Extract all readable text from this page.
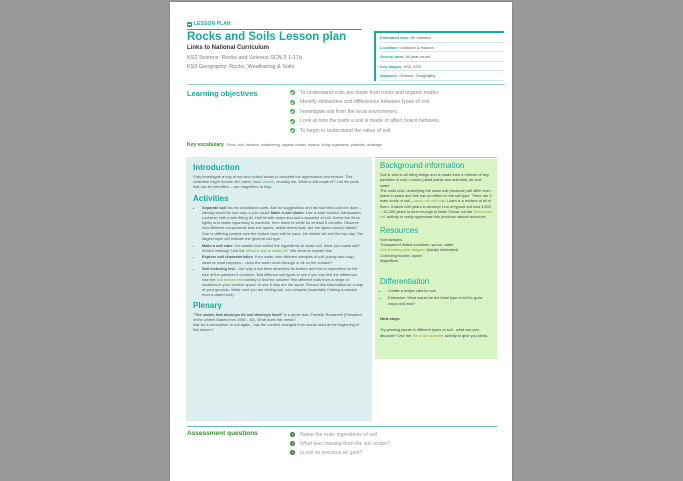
LESSON PLAN
Rocks and Soils Lesson plan
Links to National Curriculum
KS2 Science: Rocks and Science SCN 3 1-17a
KS3 Geography: Rocks, Weathering & Soils
Estimated time: 80 minutes
Location: Outdoors & Indoors
School term: All year round
Key stages: KS2, KS3
Subjects: Science, Geography
Learning objectives	To understand soils are made from rocks and organic matter.
Identify similarities and differences between types of soil.
Investigate soil from the local environment.
Look at how the parts a soil is made of affect how it behaves.
To begin to understand the value of soil.
Key vocabulary Rock, soil, bedrock, weathering, organic matter, humus, living organisms, particles, drainage
Introduction

Fully investigate a tray of soil and collect words to describe the appearance and texture. This collection might include dirt, earth, mud, worms, crumbly etc. What is soil made of? List the parts that can be identified – use magnifiers to help.

Activities
• Separate soil into its constituent parts. Ask for suggestions and list how this could be done – sieving would be one way or you could: Make a soil shake: Use a wide necked, transparent container with a well-fitting lid. Half fill with water and add a spoonful of soil. Screw the lid on tightly and shake vigorously to combine, then leave to settle for at least 5 minutes. Observe how different components sink into layers, whilst others float. Are the layers clearly visible? Due to differing particle size the bottom layer will be sand, the middle silt and the top clay. The largest layer will indicate the general soil type.
• Make a soil cake: Go outside and collect the ingredients to make soil. Have you made soil? What's missing? Use the 'What is soil of made of?' info sheet to explain this.
• Explore soil characteristics. Pour water onto different samples of soil (sandy and clay), observe what happens – does the water drain through or sit on the surface?
• Soil texturing test – the way a soil feels describes its texture and this is dependent on the size of the particles it contains. Test different soil types to see if you can feel the difference. Use the Soil texture test activity to find the answer! Test different soils from a range of locations in your outdoor space, to see if they are the same. Record this information on a map of your grounds. Make sure you are testing soil, not compost (especially if taking a sample from a raised bed).
Plenary

"The nation that destroys its soil destroys itself" is a quote from Franklin Roosevelt (President of the United States from 1940 - 45). What does this mean?

Ask for a description of soil again - has the content changed from words used at the beginning of this lesson?

Background information

Soil is vital to all living things and is made from a mixture of tiny particles of rock, humus (dead plants and animals), air and water.

The solid rock, underlying the loose soil (bedrock) will differ from place to place and this has an effect on the soil type. There are 3 main kinds of soil – sand, silt and clay. Loam is a mixture of all of them. It takes 400 years to develop 1cm of typical soil and 3,000 – 12,000 years to form enough to farm! Check out the How much soil activity to really appreciate this precious natural resource!

Resources

Soil samples

Transparent lidded container, spoon, water

Soil texturing flow diagram (ideally laminated)

Collecting bucket, spoon

Magnifiers

Differentiation
• Create a recipe card for soil
• Extension: What would be the ideal type of soil to grow crops and why?

Next steps

Try growing plants in different types of soil - what can you discover? Use the 'Be a soil scientist' activity to give you ideas.

Assessment questions	? Name the main ingredients of soil
? What was missing from the soil recipe?
? Is soil as precious as gold?
